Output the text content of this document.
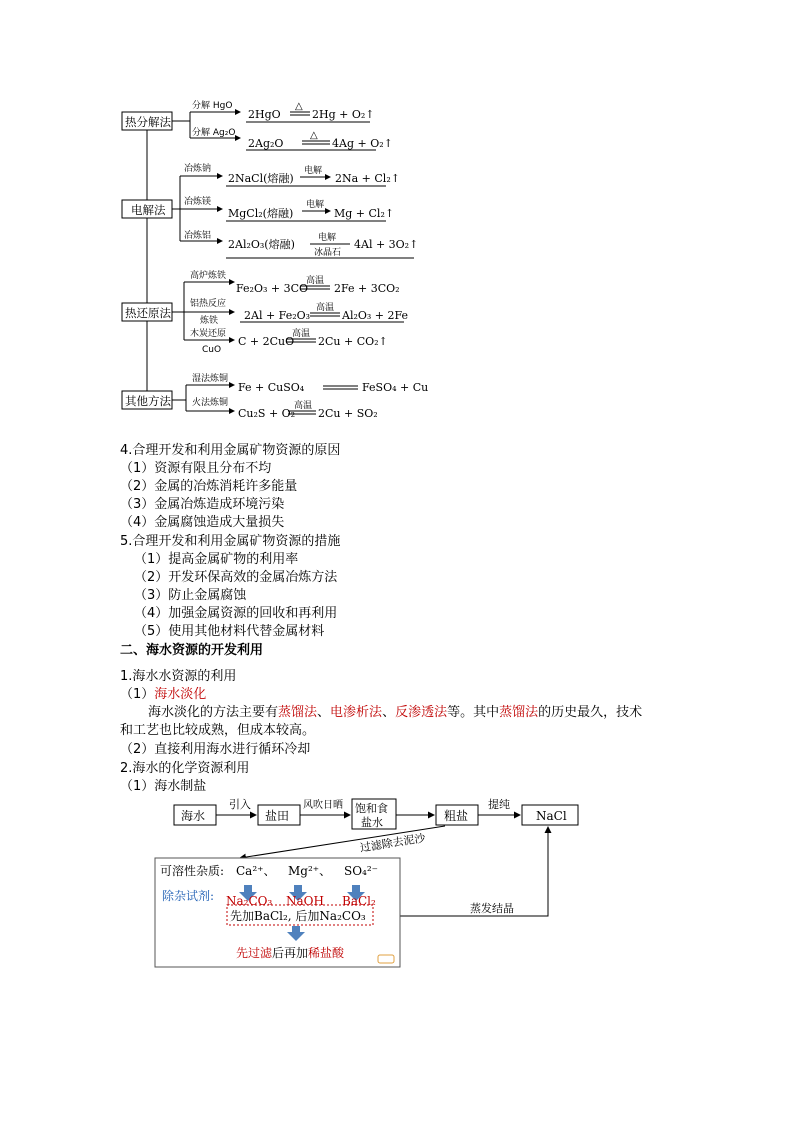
热分解法
电解法
热还原法
其他方法
分解 HgO
2HgO
△
2Hg + O₂↑
分解 Ag₂O
2Ag₂O
△
4Ag + O₂↑
冶炼钠
2NaCl(熔融)
电解
2Na + Cl₂↑
冶炼镁
MgCl₂(熔融)
电解
Mg + Cl₂↑
冶炼铝
2Al₂O₃(熔融)	电解
冰晶石
4Al + 3O₂↑
高炉炼铁
Fe₂O₃ + 3CO
高温
2Fe + 3CO₂
铝热反应
炼铁 2Al + Fe₂O₃
高温
Al₂O₃ + 2Fe
木炭还原
CuO
C + 2CuO
高温
2Cu + CO₂↑
湿法炼铜
Fe + CuSO₄	FeSO₄ + Cu
火法炼铜
Cu₂S + O₂
高温
2Cu + SO₂
4.合理开发和利用金属矿物资源的原因
（1）资源有限且分布不均
（2）金属的冶炼消耗许多能量
（3）金属冶炼造成环境污染
（4）金属腐蚀造成大量损失
5.合理开发和利用金属矿物资源的措施
（1）提高金属矿物的利用率
（2）开发环保高效的金属冶炼方法
（3）防止金属腐蚀
（4）加强金属资源的回收和再利用
（5）使用其他材料代替金属材料
二、海水资源的开发利用
1.海水水资源的利用
（1）海水淡化
海水淡化的方法主要有蒸馏法、电渗析法、反渗透法等。其中蒸馏法的历史最久，技术
和工艺也比较成熟，但成本较高。
（2）直接利用海水进行循环冷却
2.海水的化学资源利用
（1）海水制盐
海水
引入
盐田
风吹日晒 饱和食
盐水	粗盐
提纯
NaCl
过滤除去泥沙
蒸发结晶
可溶性杂质: Ca²⁺、 Mg²⁺、 SO₄²⁻
除杂试剂: Na₂CO₃ NaOH BaCl₂
先加BaCl₂, 后加Na₂CO₃
先过滤后再加稀盐酸
